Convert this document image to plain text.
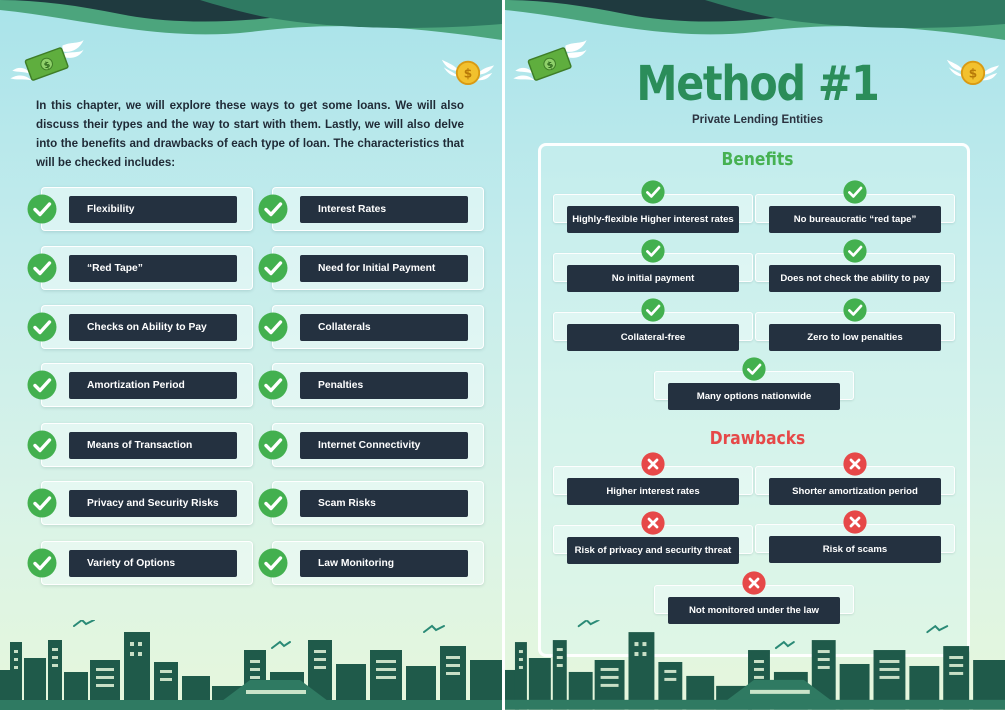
In this chapter, we will explore these ways to get some loans. We will also discuss their types and the way to start with them. Lastly, we will also delve into the benefits and drawbacks of each type of loan. The characteristics that will be checked includes:

Flexibility	Interest Rates
“Red Tape”	Need for Initial Payment
Checks on Ability to Pay	Collaterals
Amortization Period	Penalties
Means of Transaction	Internet Connectivity
Privacy and Security Risks	Scam Risks
Variety of Options	Law Monitoring
Method #1

Private Lending Entities

Benefits
Highly-flexible Higher interest rates	No bureaucratic “red tape”
No initial payment	Does not check the ability to pay
Collateral-free	Zero to low penalties
Many options nationwide
Drawbacks
Higher interest rates	Shorter amortization period
Risk of privacy and security threat	Risk of scams
Not monitored under the law
